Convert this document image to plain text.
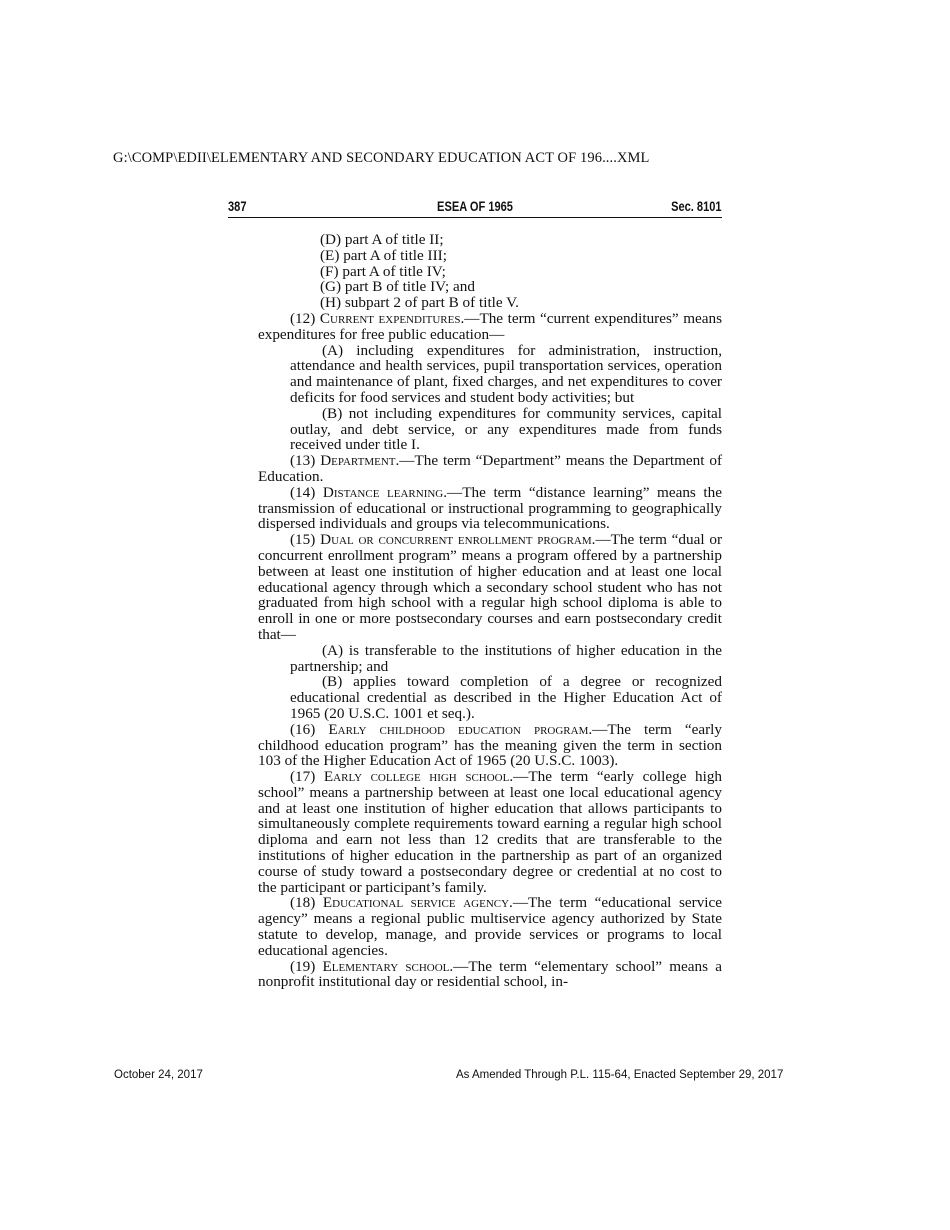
G:\COMP\EDII\ELEMENTARY AND SECONDARY EDUCATION ACT OF 196....XML
387	ESEA OF 1965	Sec. 8101

(D) part A of title II;

(E) part A of title III;

(F) part A of title IV;

(G) part B of title IV; and

(H) subpart 2 of part B of title V.

(12) Current expenditures.—The term “current expenditures” means expenditures for free public education—

(A) including expenditures for administration, instruction, attendance and health services, pupil transportation services, operation and maintenance of plant, fixed charges, and net expenditures to cover deficits for food services and student body activities; but

(B) not including expenditures for community services, capital outlay, and debt service, or any expenditures made from funds received under title I.

(13) Department.—The term “Department” means the Department of Education.

(14) Distance learning.—The term “distance learning” means the transmission of educational or instructional programming to geographically dispersed individuals and groups via telecommunications.

(15) Dual or concurrent enrollment program.—The term “dual or concurrent enrollment program” means a program offered by a partnership between at least one institution of higher education and at least one local educational agency through which a secondary school student who has not graduated from high school with a regular high school diploma is able to enroll in one or more postsecondary courses and earn postsecondary credit that—

(A) is transferable to the institutions of higher education in the partnership; and

(B) applies toward completion of a degree or recognized educational credential as described in the Higher Education Act of 1965 (20 U.S.C. 1001 et seq.).

(16) Early childhood education program.—The term “early childhood education program” has the meaning given the term in section 103 of the Higher Education Act of 1965 (20 U.S.C. 1003).

(17) Early college high school.—The term “early college high school” means a partnership between at least one local educational agency and at least one institution of higher education that allows participants to simultaneously complete requirements toward earning a regular high school diploma and earn not less than 12 credits that are transferable to the institutions of higher education in the partnership as part of an organized course of study toward a postsecondary degree or credential at no cost to the participant or participant’s family.

(18) Educational service agency.—The term “educational service agency” means a regional public multiservice agency authorized by State statute to develop, manage, and provide services or programs to local educational agencies.

(19) Elementary school.—The term “elementary school” means a nonprofit institutional day or residential school, in-

October 24, 2017	As Amended Through P.L. 115-64, Enacted September 29, 2017
